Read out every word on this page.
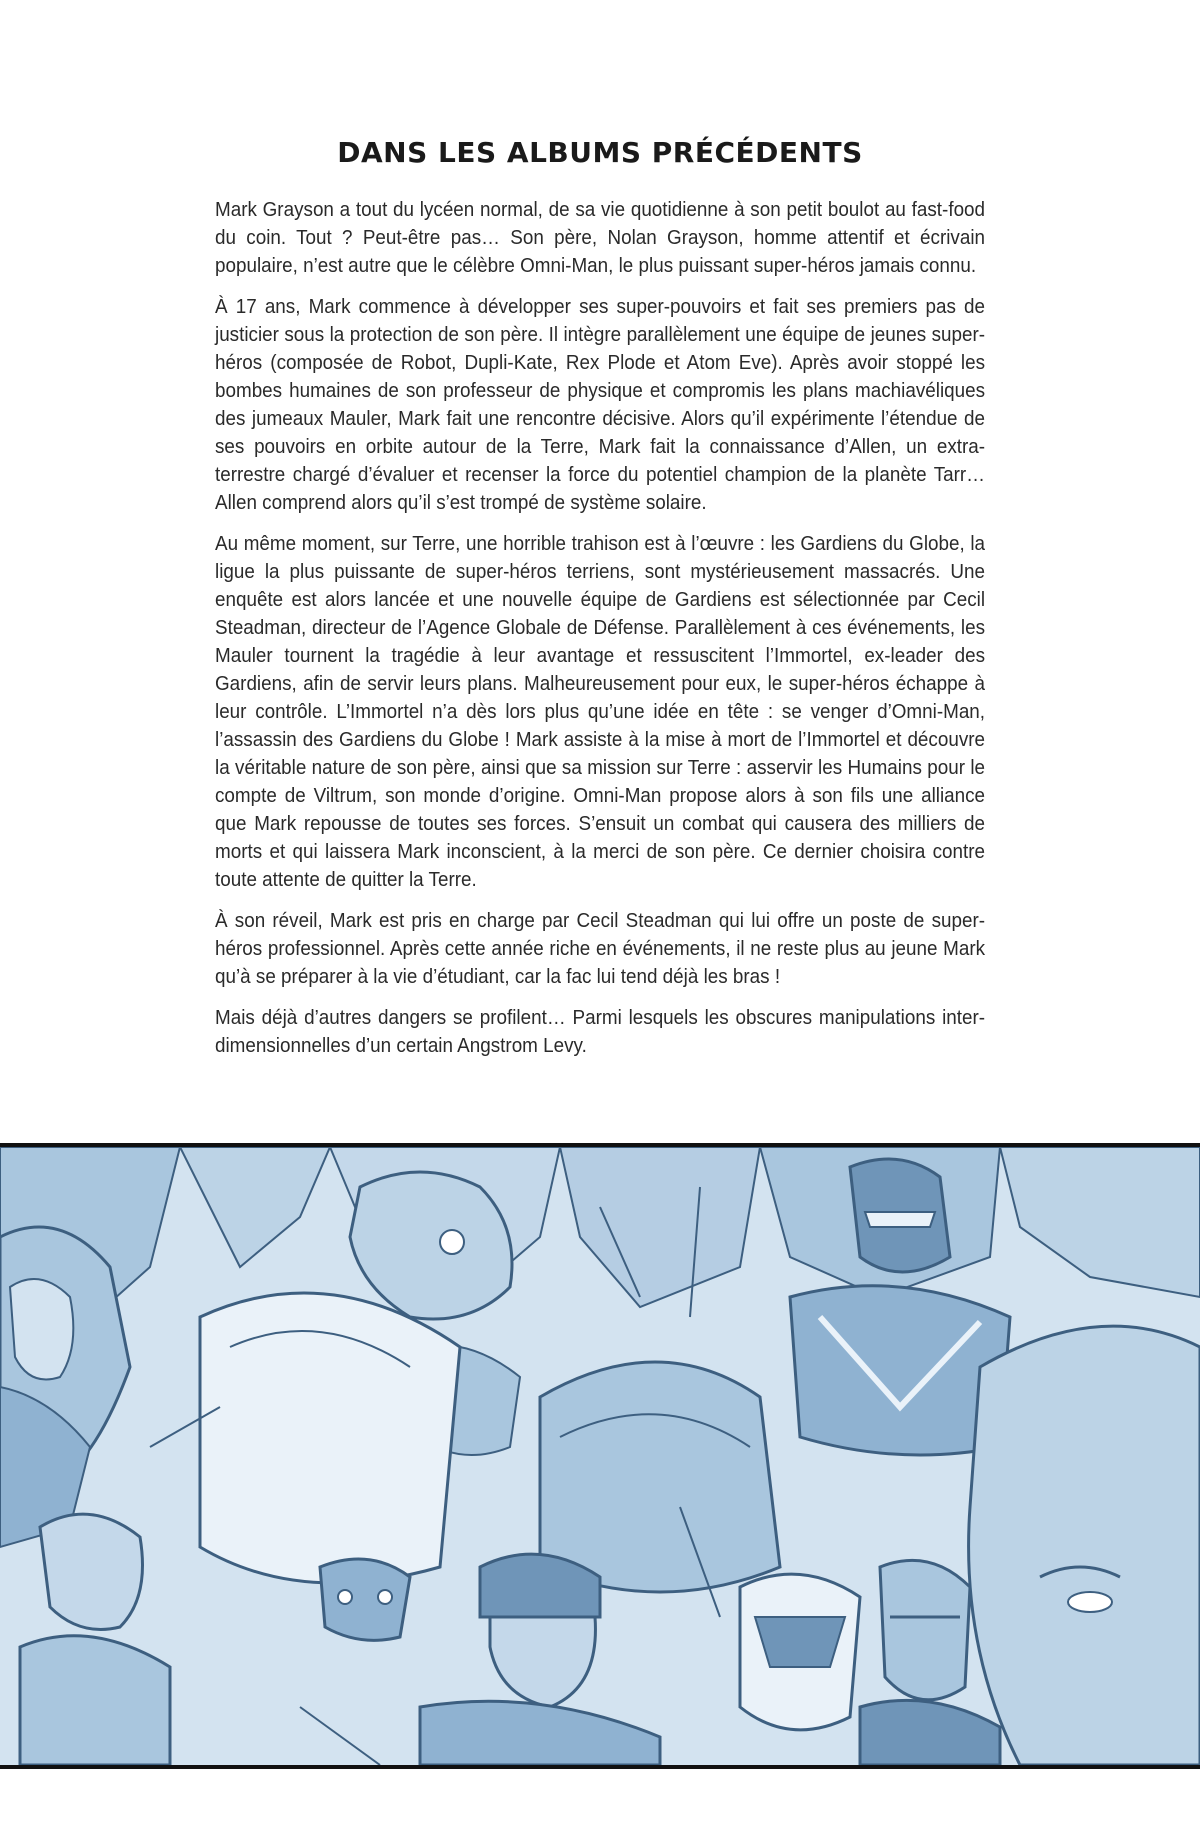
DANS LES ALBUMS PRÉCÉDENTS

Mark Grayson a tout du lycéen normal, de sa vie quotidienne à son petit boulot au fast-food du coin. Tout ? Peut-être pas… Son père, Nolan Grayson, homme attentif et écrivain populaire, n’est autre que le célèbre Omni-Man, le plus puissant super-héros jamais connu.

À 17 ans, Mark commence à développer ses super-pouvoirs et fait ses premiers pas de justicier sous la protection de son père. Il intègre parallèlement une équipe de jeunes super-héros (composée de Robot, Dupli-Kate, Rex Plode et Atom Eve). Après avoir stoppé les bombes humaines de son professeur de physique et compromis les plans machiavéliques des jumeaux Mauler, Mark fait une rencontre décisive. Alors qu’il expérimente l’étendue de ses pouvoirs en orbite autour de la Terre, Mark fait la connaissance d’Allen, un extra-terrestre chargé d’évaluer et recenser la force du potentiel champion de la planète Tarr… Allen comprend alors qu’il s’est trompé de système solaire.

Au même moment, sur Terre, une horrible trahison est à l’œuvre : les Gardiens du Globe, la ligue la plus puissante de super-héros terriens, sont mystérieusement massacrés. Une enquête est alors lancée et une nouvelle équipe de Gardiens est sélectionnée par Cecil Steadman, directeur de l’Agence Globale de Défense. Parallèlement à ces événements, les Mauler tournent la tragédie à leur avantage et ressuscitent l’Immortel, ex-leader des Gardiens, afin de servir leurs plans. Malheureusement pour eux, le super-héros échappe à leur contrôle. L’Immortel n’a dès lors plus qu’une idée en tête : se venger d’Omni-Man, l’assassin des Gardiens du Globe ! Mark assiste à la mise à mort de l’Immortel et découvre la véritable nature de son père, ainsi que sa mission sur Terre : asservir les Humains pour le compte de Viltrum, son monde d’origine. Omni-Man propose alors à son fils une alliance que Mark repousse de toutes ses forces. S’ensuit un combat qui causera des milliers de morts et qui laissera Mark inconscient, à la merci de son père. Ce dernier choisira contre toute attente de quitter la Terre.

À son réveil, Mark est pris en charge par Cecil Steadman qui lui offre un poste de super-héros professionnel. Après cette année riche en événements, il ne reste plus au jeune Mark qu’à se préparer à la vie d’étudiant, car la fac lui tend déjà les bras !

Mais déjà d’autres dangers se profilent… Parmi lesquels les obscures manipulations inter-dimensionnelles d’un certain Angstrom Levy.
